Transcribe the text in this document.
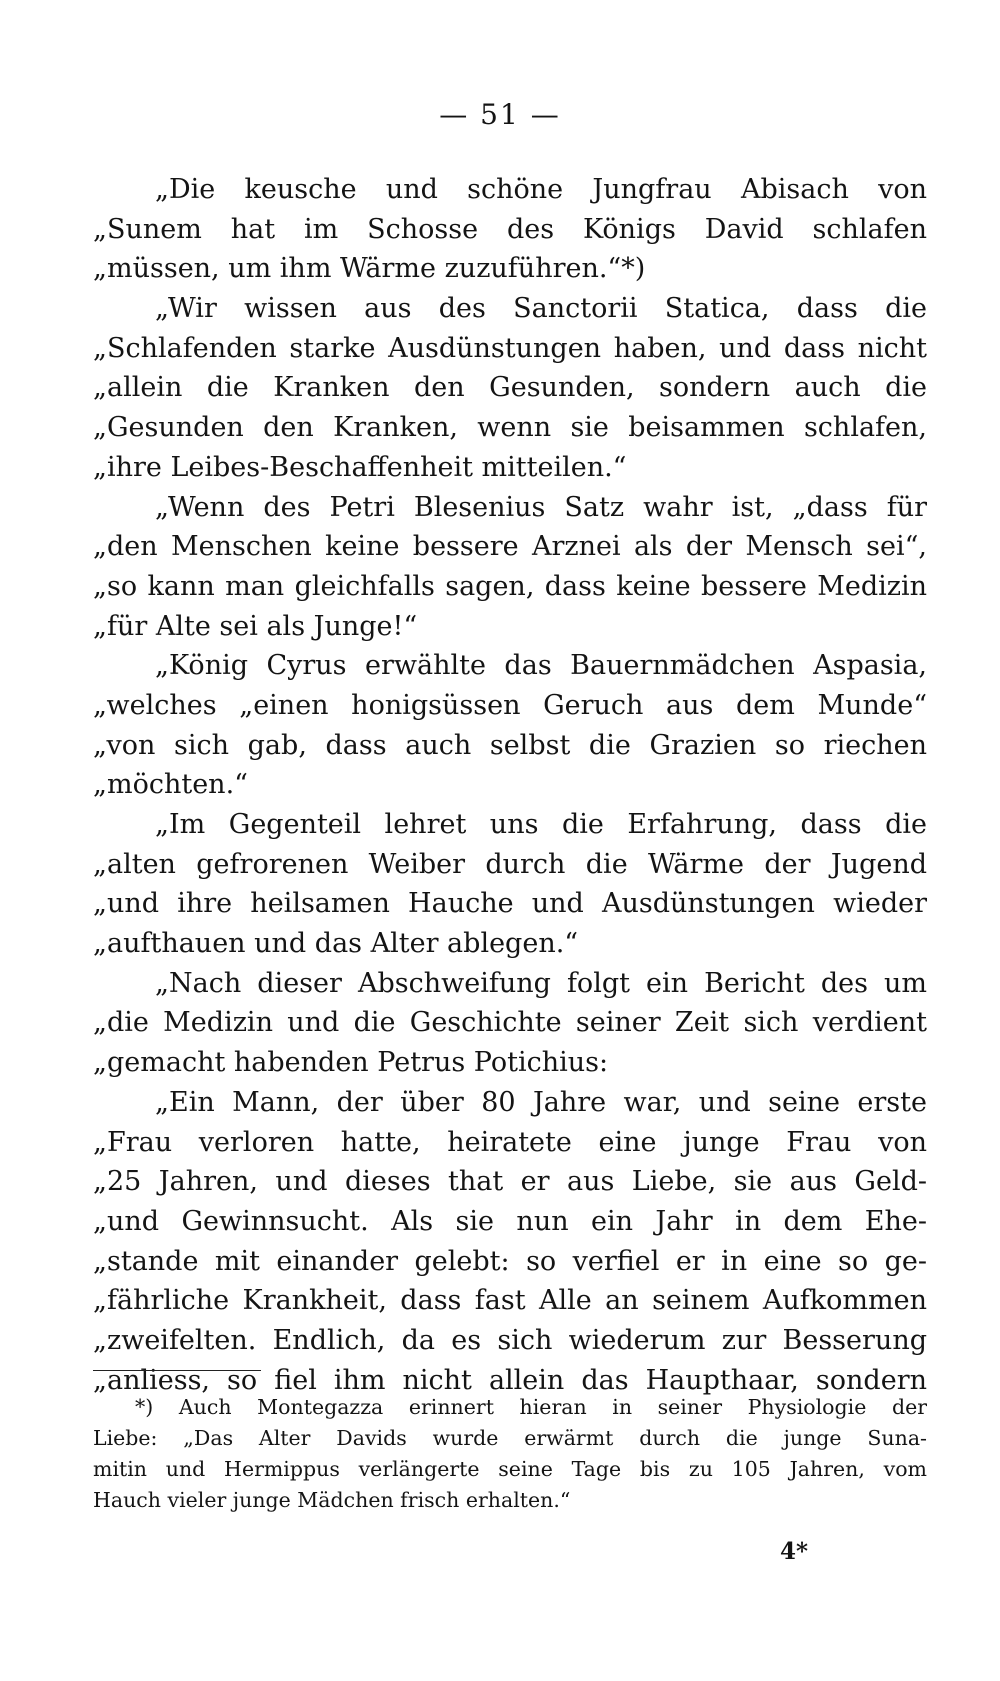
— 51 —
„Die keusche und schöne Jungfrau Abisach von
„Sunem hat im Schosse des Königs David schlafen
„müssen, um ihm Wärme zuzuführen.“*)
„Wir wissen aus des Sanctorii Statica, dass die
„Schlafenden starke Ausdünstungen haben, und dass nicht
„allein die Kranken den Gesunden, sondern auch die
„Gesunden den Kranken, wenn sie beisammen schlafen,
„ihre Leibes-Beschaffenheit mitteilen.“
„Wenn des Petri Blesenius Satz wahr ist, „dass für
„den Menschen keine bessere Arznei als der Mensch sei“,
„so kann man gleichfalls sagen, dass keine bessere Medizin
„für Alte sei als Junge!“
„König Cyrus erwählte das Bauernmädchen Aspasia,
„welches „einen honigsüssen Geruch aus dem Munde“
„von sich gab, dass auch selbst die Grazien so riechen
„möchten.“
„Im Gegenteil lehret uns die Erfahrung, dass die
„alten gefrorenen Weiber durch die Wärme der Jugend
„und ihre heilsamen Hauche und Ausdünstungen wieder
„aufthauen und das Alter ablegen.“
„Nach dieser Abschweifung folgt ein Bericht des um
„die Medizin und die Geschichte seiner Zeit sich verdient
„gemacht habenden Petrus Potichius:
„Ein Mann, der über 80 Jahre war, und seine erste
„Frau verloren hatte, heiratete eine junge Frau von
„25 Jahren, und dieses that er aus Liebe, sie aus Geld-
„und Gewinnsucht. Als sie nun ein Jahr in dem Ehe-
„stande mit einander gelebt: so verfiel er in eine so ge-
„fährliche Krankheit, dass fast Alle an seinem Aufkommen
„zweifelten. Endlich, da es sich wiederum zur Besserung
„anliess, so fiel ihm nicht allein das Haupthaar, sondern
*) Auch Montegazza erinnert hieran in seiner Physiologie der
Liebe: „Das Alter Davids wurde erwärmt durch die junge Suna-
mitin und Hermippus verlängerte seine Tage bis zu 105 Jahren, vom
Hauch vieler junge Mädchen frisch erhalten.“
4*
